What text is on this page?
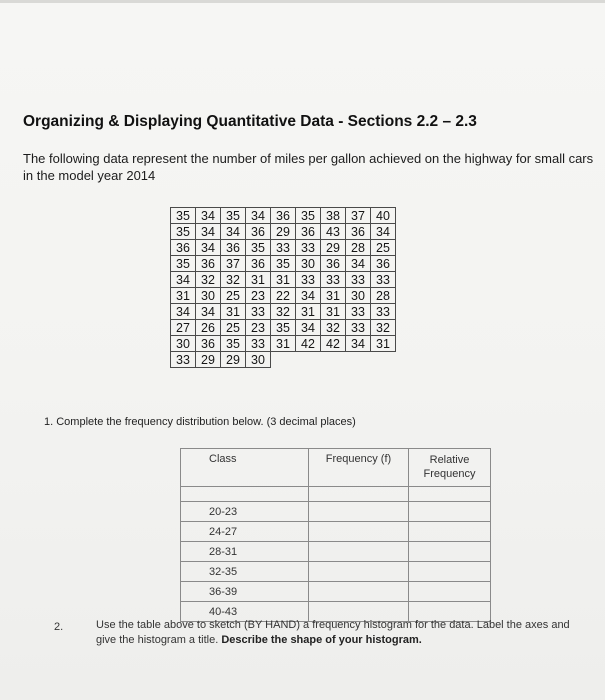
Organizing & Displaying Quantitative Data - Sections 2.2 – 2.3
The following data represent the number of miles per gallon achieved on the highway for small cars in the model year 2014
35	34	35	34	36	35	38	37	40
35	34	34	36	29	36	43	36	34
36	34	36	35	33	33	29	28	25
35	36	37	36	35	30	36	34	36
34	32	32	31	31	33	33	33	33
31	30	25	23	22	34	31	30	28
34	34	31	33	32	31	31	33	33
27	26	25	23	35	34	32	33	32
30	36	35	33	31	42	42	34	31
33	29	29	30					
1. Complete the frequency distribution below. (3 decimal places)
Class	Frequency (f)	Relative Frequency

20-23		
24-27		
28-31		
32-35		
36-39		
40-43		
2.	Use the table above to sketch (BY HAND) a frequency histogram for the data. Label the axes and give the histogram a title. Describe the shape of your histogram.
